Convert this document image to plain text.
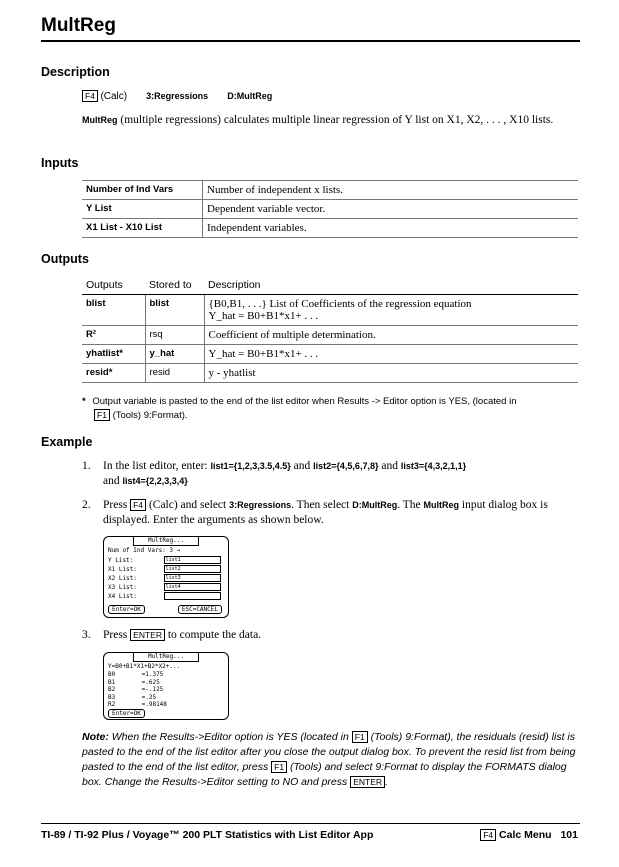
MultReg
Description
F4 (Calc) 3:Regressions D:MultReg
MultReg (multiple regressions) calculates multiple linear regression of Y list on X1, X2, . . . , X10 lists.
Inputs
Number of Ind Vars	Number of independent x lists.
Y List	Dependent variable vector.
X1 List - X10 List	Independent variables.
Outputs
Outputs	Stored to	Description
blist	blist	{B0,B1, . . .} List of Coefficients of the regression equation
Y_hat = B0+B1*x1+ . . .

R²	rsq	Coefficient of multiple determination.
yhatlist*	y_hat	Y_hat = B0+B1*x1+ . . .
resid*	resid	y - yhatlist
* Output variable is pasted to the end of the list editor when Results -> Editor option is YES, (located in
F1 (Tools) 9:Format).
Example
1. In the list editor, enter: list1={1,2,3,3.5,4.5} and list2={4,5,6,7,8} and list3={4,3,2,1,1}
and list4={2,2,3,3,4}
2. Press F4 (Calc) and select 3:Regressions. Then select D:MultReg. The MultReg input dialog box is displayed. Enter the arguments as shown below.
MultReg...
Num of Ind Vars: 3 →
Y List:	list1
X1 List:	list2
X2 List:	list3
X3 List:	list4
X4 List:
Enter=OK	ESC=CANCEL
3. Press ENTER to compute the data.
MultReg...
Y=B0+B1*X1+B2*X2+...
B0	=1.375
B1	=.625
B2	=-.125
B3	=.25
R2	=.98148
Enter=OK
Note: When the Results->Editor option is YES (located in F1 (Tools) 9:Format), the residuals (resid) list is pasted to the end of the list editor after you close the output dialog box. To prevent the resid list from being pasted to the end of the list editor, press F1 (Tools) and select 9:Format to display the FORMATS dialog box. Change the Results->Editor setting to NO and press ENTER .
TI-89 / TI-92 Plus / Voyage™ 200 PLT Statistics with List Editor App	F4 Calc Menu 101
